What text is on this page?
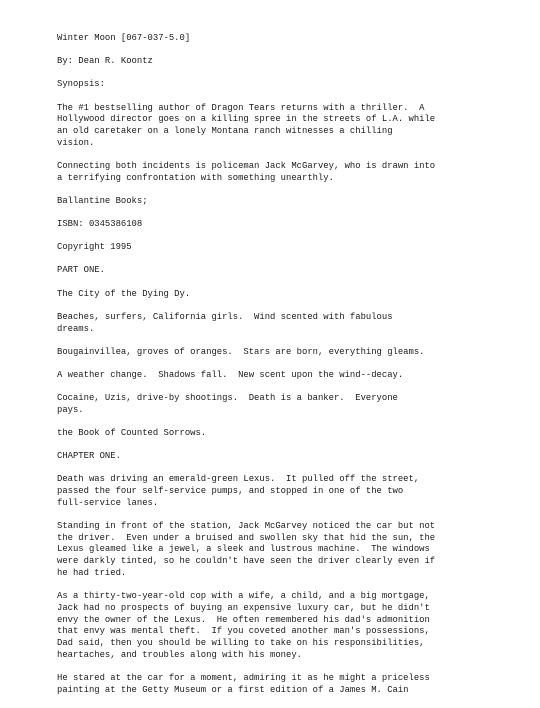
Winter Moon [067-037-5.0]

By: Dean R. Koontz

Synopsis:

The #1 bestselling author of Dragon Tears returns with a thriller.  A
Hollywood director goes on a killing spree in the streets of L.A. while
an old caretaker on a lonely Montana ranch witnesses a chilling
vision.

Connecting both incidents is policeman Jack McGarvey, who is drawn into
a terrifying confrontation with something unearthly.

Ballantine Books;

ISBN: 0345386108

Copyright 1995

PART ONE.

The City of the Dying Dy.

Beaches, surfers, California girls.  Wind scented with fabulous
dreams.

Bougainvillea, groves of oranges.  Stars are born, everything gleams.

A weather change.  Shadows fall.  New scent upon the wind--decay.

Cocaine, Uzis, drive-by shootings.  Death is a banker.  Everyone
pays.

the Book of Counted Sorrows.

CHAPTER ONE.

Death was driving an emerald-green Lexus.  It pulled off the street,
passed the four self-service pumps, and stopped in one of the two
full-service lanes.

Standing in front of the station, Jack McGarvey noticed the car but not
the driver.  Even under a bruised and swollen sky that hid the sun, the
Lexus gleamed like a jewel, a sleek and lustrous machine.  The windows
were darkly tinted, so he couldn't have seen the driver clearly even if
he had tried.

As a thirty-two-year-old cop with a wife, a child, and a big mortgage,
Jack had no prospects of buying an expensive luxury car, but he didn't
envy the owner of the Lexus.  He often remembered his dad's admonition
that envy was mental theft.  If you coveted another man's possessions,
Dad said, then you should be willing to take on his responsibilities,
heartaches, and troubles along with his money.

He stared at the car for a moment, admiring it as he might a priceless
painting at the Getty Museum or a first edition of a James M. Cain
